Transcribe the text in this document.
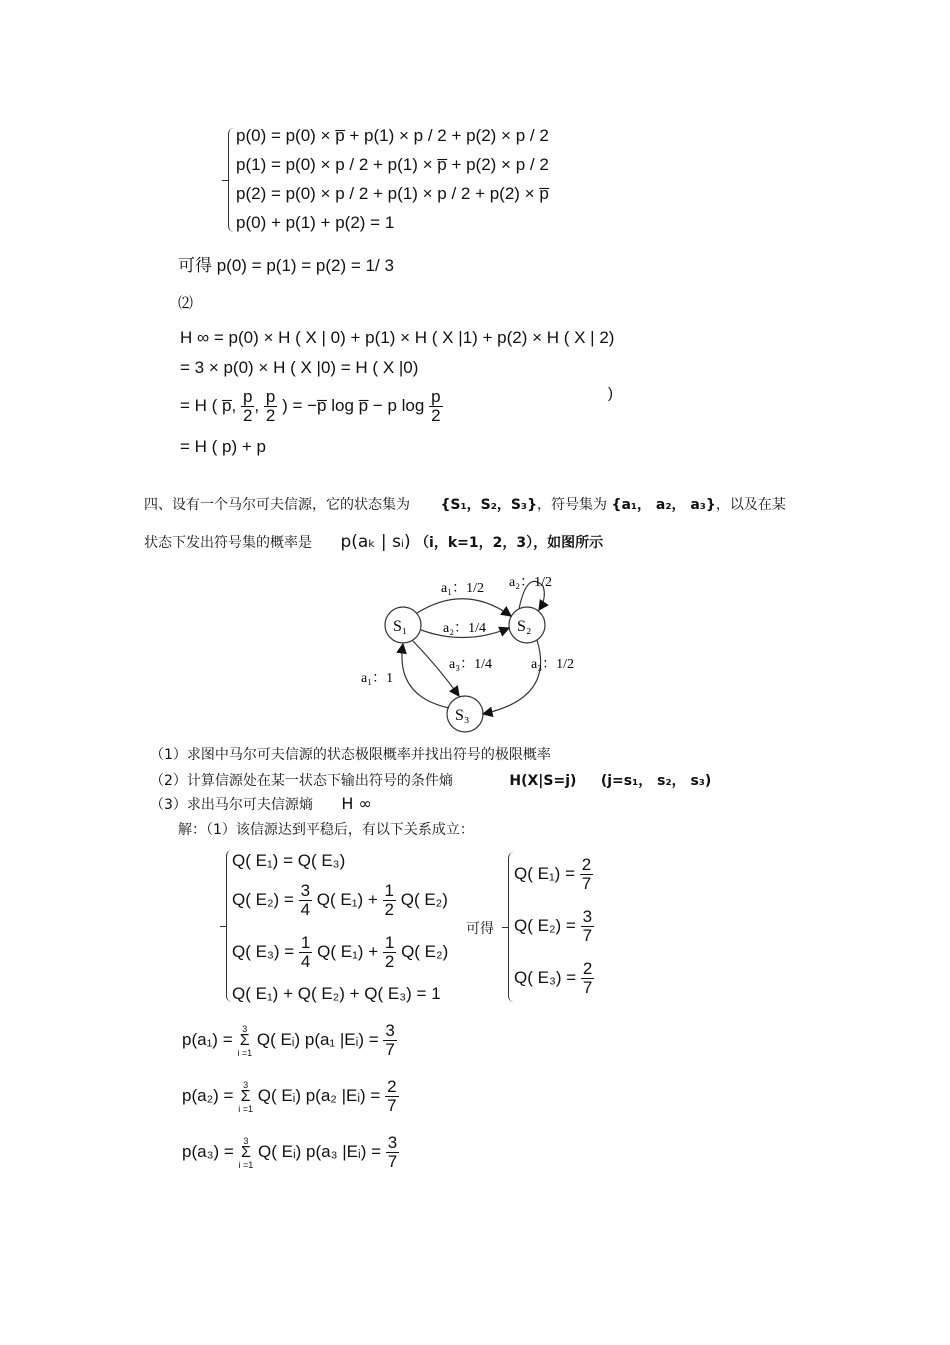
p(0) = p(0) × p̅ + p(1) × p / 2 + p(2) × p / 2
p(1) = p(0) × p / 2 + p(1) × p̅ + p(2) × p / 2
p(2) = p(0) × p / 2 + p(1) × p / 2 + p(2) × p̅
p(0) + p(1) + p(2) = 1
可得 p(0) = p(1) = p(2) = 1/ 3
⑵
H ∞ = p(0) × H ( X | 0) + p(1) × H ( X |1) + p(2) × H ( X | 2)
= 3 × p(0) × H ( X |0) = H ( X |0)
= H ( p̅, $\frac{p}{2}$ , $\frac{p}{2}$ ) = −p̅ log p̅ − p $\log \frac{p}{2}$	)
= H ( p) + p
四、设有一个马尔可夫信源，它的状态集为 {S₁，S₂，S₃}，符号集为 {a₁， a₂， a₃}，以及在某
状态下发出符号集的概率是 p(aₖ | sᵢ) （i，k=1，2，3），如图所示
S₁	S₂
S₃
a₁：1/2 a₂：1/2
a₂：1/4
a₃：1/4	a₃：1/2
a₁：1
（1）求图中马尔可夫信源的状态极限概率并找出符号的极限概率
（2）计算信源处在某一状态下输出符号的条件熵	H(X|S=j) (j=s₁， s₂， s₃)
（3）求出马尔可夫信源熵 H ∞
解：（1）该信源达到平稳后，有以下关系成立：
Q( E₁) = Q( E₃)
Q( $E_2) = \frac{3}{4} Q$( $E_1) + \frac{1}{2} Q$( E₂)
Q( $E_3) = \frac{1}{4} Q$( $E_1) + \frac{1}{2} Q$( E₂)
Q( E₁) + Q( E₂) + Q( E₃) = 1
可得
Q( $E_1) = \frac{2}{7}$
Q( $E_2) = \frac{3}{7}$
Q( $E_3) = \frac{2}{7}$
p(a₁) =
3
Σ
i =1
Q( Eᵢ) p(a₁ |Eᵢ) = $\frac{3}{7}$
p(a₂) =
3
Σ
i =1
Q( Eᵢ) p(a₂ |Eᵢ) = $\frac{2}{7}$
p(a₃) =
3
Σ
i =1
Q( Eᵢ) p(a₃ |Eᵢ) = $\frac{3}{7}$
